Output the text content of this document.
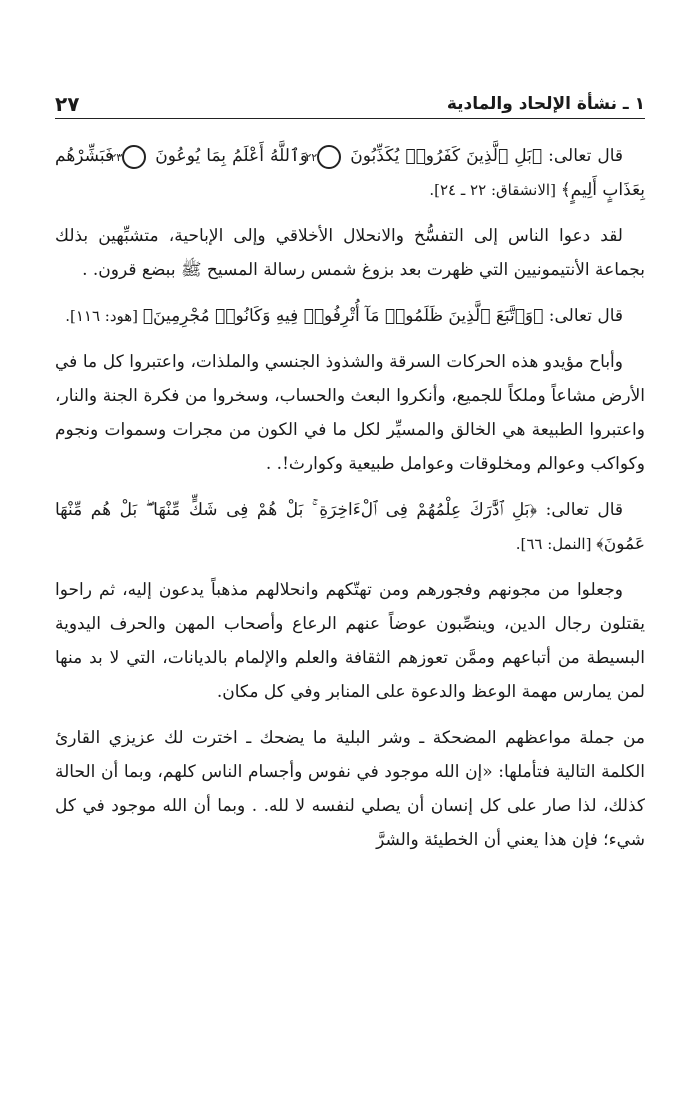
١ ـ نشأة الإلحاد والمادية
٢٧

قال تعالى: ﴿بَلِ ٱلَّذِينَ كَفَرُوا۟ يُكَذِّبُونَ ٢٢ وَٱللَّهُ أَعْلَمُ بِمَا يُوعُونَ ٢٣ فَبَشِّرْهُم بِعَذَابٍ أَلِيمٍ﴾ [الانشقاق: ٢٢ ـ ٢٤].

لقد دعوا الناس إلى التفسُّخ والانحلال الأخلاقي وإلى الإباحية، متشبِّهين بذلك بجماعة الأنتيمونيين التي ظهرت بعد بزوغ شمس رسالة المسيح ﷺ ببضع قرون. .

قال تعالى: ﴿وَٱتَّبَعَ ٱلَّذِينَ ظَلَمُوا۟ مَآ أُتْرِفُوا۟ فِيهِ وَكَانُوا۟ مُجْرِمِينَ﴾ [هود: ١١٦].

وأباح مؤيدو هذه الحركات السرقة والشذوذ الجنسي والملذات، واعتبروا كل ما في الأرض مشاعاً وملكاً للجميع، وأنكروا البعث والحساب، وسخروا من فكرة الجنة والنار، واعتبروا الطبيعة هي الخالق والمسيِّر لكل ما في الكون من مجرات وسموات ونجوم وكواكب وعوالم ومخلوقات وعوامل طبيعية وكوارث!. .

قال تعالى: ﴿بَلِ ٱدَّٰرَكَ عِلْمُهُمْ فِى ٱلْءَاخِرَةِ ۚ بَلْ هُمْ فِى شَكٍّ مِّنْهَا ۖ بَلْ هُم مِّنْهَا عَمُونَ﴾ [النمل: ٦٦].

وجعلوا من مجونهم وفجورهم ومن تهتّكهم وانحلالهم مذهباً يدعون إليه، ثم راحوا يقتلون رجال الدين، وينصِّبون عوضاً عنهم الرعاع وأصحاب المهن والحرف اليدوية البسيطة من أتباعهم وممَّن تعوزهم الثقافة والعلم والإلمام بالديانات، التي لا بد منها لمن يمارس مهمة الوعظ والدعوة على المنابر وفي كل مكان.

من جملة مواعظهم المضحكة ـ وشر البلية ما يضحك ـ اخترت لك عزيزي القارئ الكلمة التالية فتأملها: «إن الله موجود في نفوس وأجسام الناس كلهم، وبما أن الحالة كذلك، لذا صار على كل إنسان أن يصلي لنفسه لا لله. . وبما أن الله موجود في كل شيء؛ فإن هذا يعني أن الخطيئة والشرَّ
